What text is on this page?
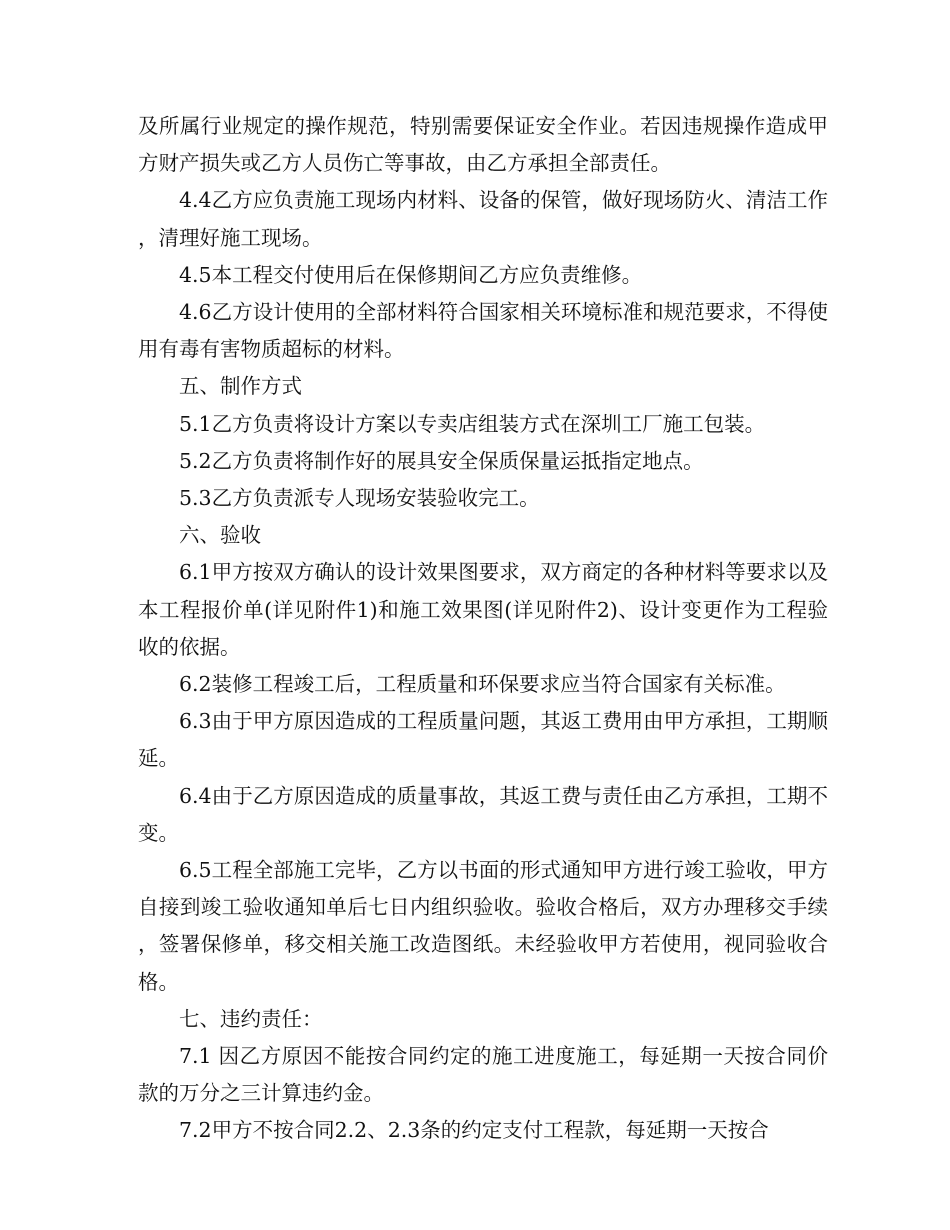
及所属行业规定的操作规范，特别需要保证安全作业。若因违规操作造成甲方财产损失或乙方人员伤亡等事故，由乙方承担全部责任。

4.4乙方应负责施工现场内材料、设备的保管，做好现场防火、清洁工作，清理好施工现场。

4.5本工程交付使用后在保修期间乙方应负责维修。

4.6乙方设计使用的全部材料符合国家相关环境标准和规范要求，不得使用有毒有害物质超标的材料。

五、制作方式

5.1乙方负责将设计方案以专卖店组装方式在深圳工厂施工包装。

5.2乙方负责将制作好的展具安全保质保量运抵指定地点。

5.3乙方负责派专人现场安装验收完工。

六、验收

6.1甲方按双方确认的设计效果图要求，双方商定的各种材料等要求以及本工程报价单(详见附件1)和施工效果图(详见附件2)、设计变更作为工程验收的依据。

6.2装修工程竣工后，工程质量和环保要求应当符合国家有关标准。

6.3由于甲方原因造成的工程质量问题，其返工费用由甲方承担，工期顺延。

6.4由于乙方原因造成的质量事故，其返工费与责任由乙方承担，工期不变。

6.5工程全部施工完毕，乙方以书面的形式通知甲方进行竣工验收，甲方自接到竣工验收通知单后七日内组织验收。验收合格后，双方办理移交手续，签署保修单，移交相关施工改造图纸。未经验收甲方若使用，视同验收合格。

七、违约责任：

7.1 因乙方原因不能按合同约定的施工进度施工，每延期一天按合同价款的万分之三计算违约金。

7.2甲方不按合同2.2、2.3条的约定支付工程款，每延期一天按合
